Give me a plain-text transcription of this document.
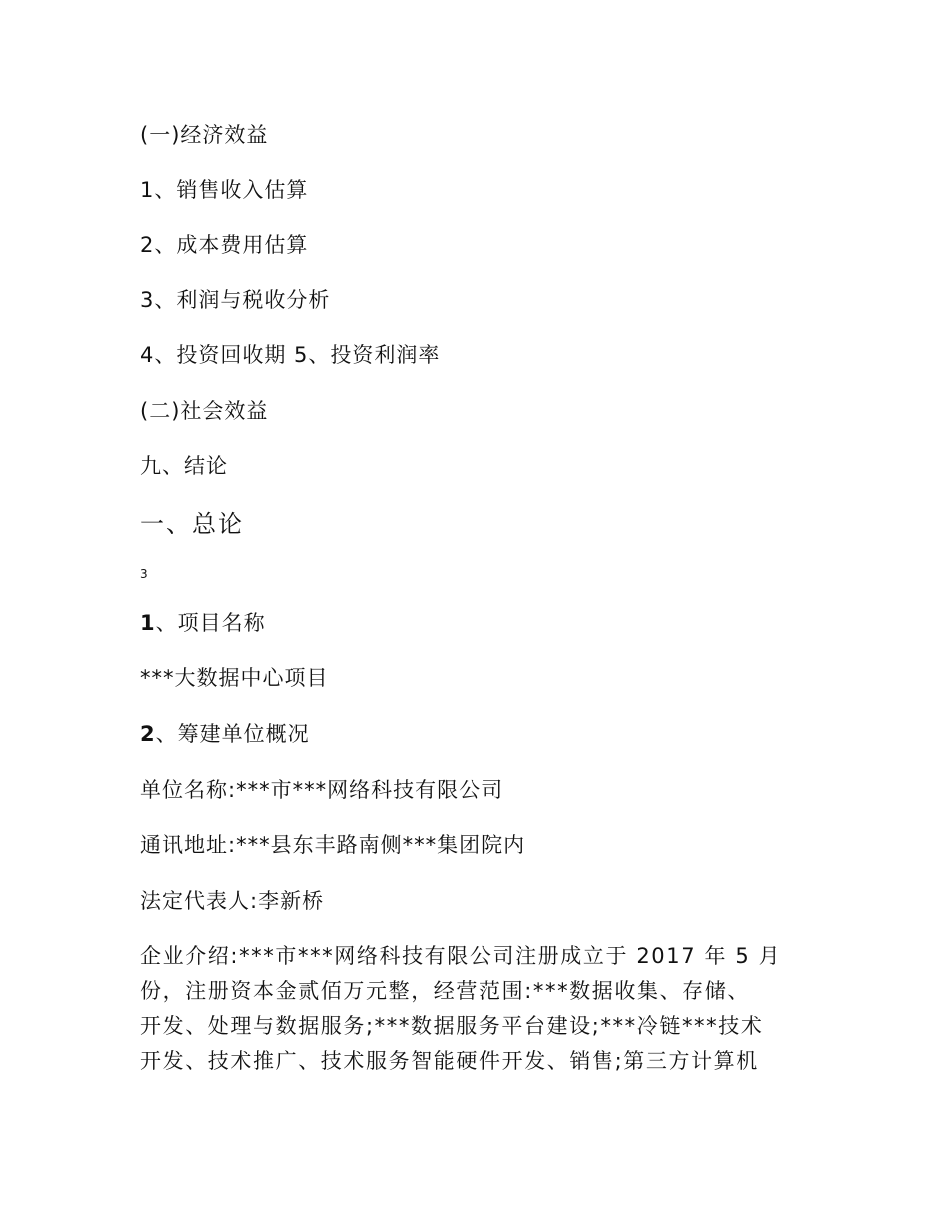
(一)经济效益
1、销售收入估算
2、成本费用估算
3、利润与税收分析
4、投资回收期 5、投资利润率
(二)社会效益
九、结论
一、总论
3
1、项目名称
***大数据中心项目
2、筹建单位概况
单位名称:***市***网络科技有限公司
通讯地址:***县东丰路南侧***集团院内
法定代表人:李新桥
企业介绍:***市***网络科技有限公司注册成立于 2017 年 5 月
份，注册资本金贰佰万元整，经营范围:***数据收集、存储、
开发、处理与数据服务;***数据服务平台建设;***冷链***技术
开发、技术推广、技术服务智能硬件开发、销售;第三方计算机
